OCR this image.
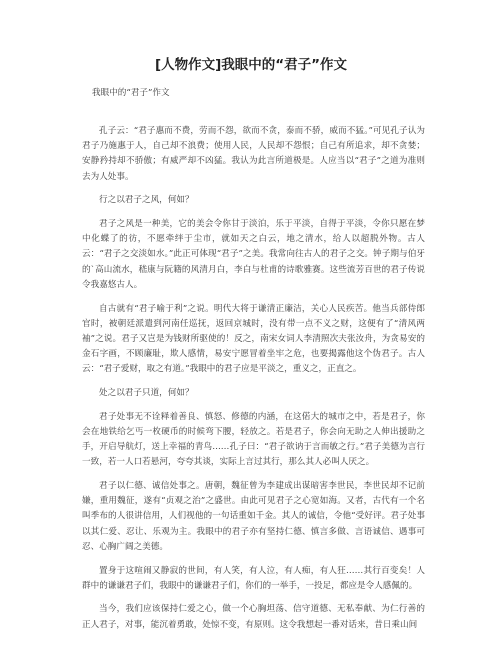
[人物作文]我眼中的“君子”作文

我眼中的“君子”作文

孔子云：“君子惠而不费，劳而不怨，欲而不贪，泰而不骄，威而不猛。”可见孔子认为君子乃施惠于人，自己却不浪费；使用人民，人民却不怨恨；自己有所追求，却不贪婪；安静矜持却不骄傲；有威严却不凶猛。我认为此言所道极是。人应当以“君子”之道为准则去为人处事。

行之以君子之风，何如？

君子之风是一种美，它的美会令你甘于淡泊，乐于平淡，自得于平淡，令你只愿在梦中化蝶了的彷，不愿牵绊于尘市，就如天之白云，地之清水，给人以超脱外物。古人云：“君子之交淡如水。”此正可体现“君子”之美。我常向往古人的君子之交。钟子期与伯牙的`高山流水，嵇康与阮籍的风清月白，李白与杜甫的诗歌雅赛。这些流芳百世的君子传说令我嘉悠古人。

自古就有“君子喻于利”之说。明代大将于谦清正廉洁，关心人民疾苦。他当兵部侍郎官时，被朝廷派遣到河南任巡抚，返回京城时，没有带一点不义之财，这便有了“清风两袖”之说。君子又岂是为钱财所驱使的！反之，南宋女词人李清照次夫张汝舟，为贪易安的金石字画，不顾廉耻，欺人感情，易安宁愿冒着坐牢之危，也要揭露他这个伪君子。古人云：“君子爱财，取之有道。”我眼中的君子应是平淡之，重义之，正直之。

处之以君子只道，何如？

君子处事无不诠释着善良、慎怒、修德的内涵，在这偌大的城市之中，若是君子，你会在地铁给乞丐一枚硬币的时候弯下腰，轻放之。若是君子，你会向无助之人伸出援助之手，开启导航灯，送上幸福的青鸟……孔子曰：“君子欲讷于言而敏之行。”君子美德为言行一致，若一人口若悬河，夸夸其谈，实际上言过其行，那么其人必叫人厌之。

君子以仁德、诚信处事之。唐朝，魏征曾为李建成出谋暗害李世民，李世民却不记前嫌，重用魏征，遂有“贞观之治”之盛世。由此可见君子之心宽如海。又者，古代有一个名叫季布的人很讲信用，人们视他的一句话重如千金。其人的诚信，令他“受好评。君子处事以其仁爱、忍让、乐观为主。我眼中的君子亦有坚持仁德、慎言多做、言语诚信、遇事可忍、心胸广阔之美德。

置身于这喧闹又静寂的世间，有人笑，有人泣，有人痴，有人狂……其行百变矣！人群中的谦谦君子们，我眼中的谦谦君子们，你们的一举手，一投足，都应是令人感佩的。

当今，我们应该保持仁爱之心，做一个心胸坦荡、信守道德、无私奉献、为仁行善的正人君子，对事，能沉着勇敢，处惊不变，有原则。这令我想起一番对话来，昔日乘山间
